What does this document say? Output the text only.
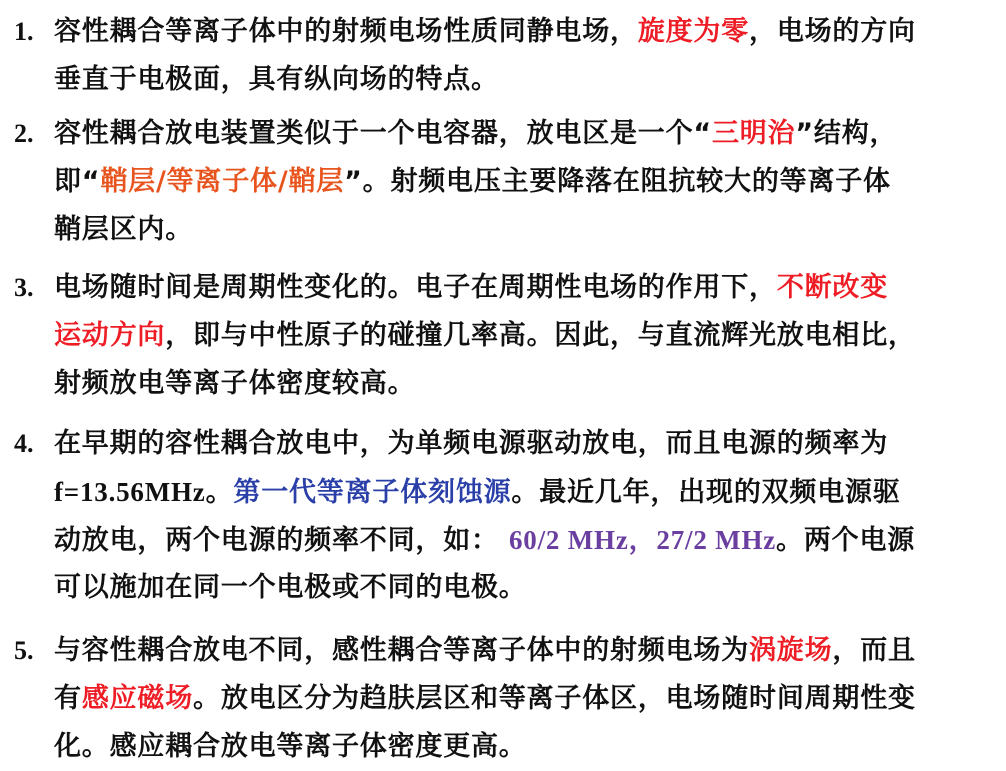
1. 容性耦合等离子体中的射频电场性质同静电场，旋度为零，电场的方向
垂直于电极面，具有纵向场的特点。
2. 容性耦合放电装置类似于一个电容器，放电区是一个“三明治”结构，
即“鞘层/等离子体/鞘层”。射频电压主要降落在阻抗较大的等离子体
鞘层区内。
3. 电场随时间是周期性变化的。电子在周期性电场的作用下，不断改变
运动方向，即与中性原子的碰撞几率高。因此，与直流辉光放电相比，
射频放电等离子体密度较高。
4. 在早期的容性耦合放电中，为单频电源驱动放电，而且电源的频率为
f=13.56MHz。第一代等离子体刻蚀源。最近几年，出现的双频电源驱
动放电，两个电源的频率不同，如： 60/2 MHz，27/2 MHz。两个电源
可以施加在同一个电极或不同的电极。
5. 与容性耦合放电不同，感性耦合等离子体中的射频电场为涡旋场，而且
有感应磁场。放电区分为趋肤层区和等离子体区，电场随时间周期性变
化。感应耦合放电等离子体密度更高。
